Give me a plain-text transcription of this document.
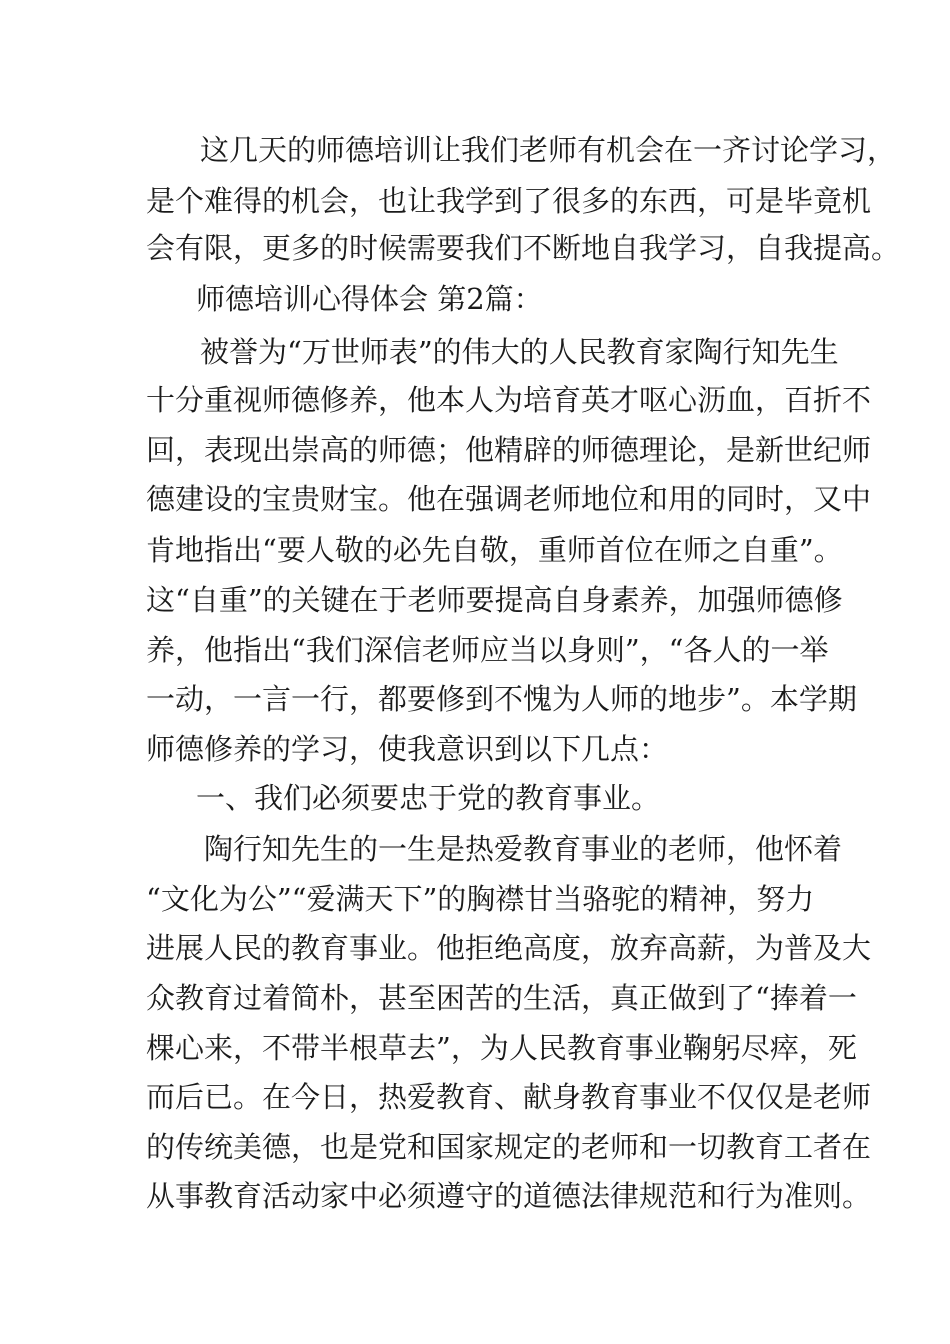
这几天的师德培训让我们老师有机会在一齐讨论学习，
是个难得的机会，也让我学到了很多的东西，可是毕竟机
会有限，更多的时候需要我们不断地自我学习，自我提高。
师德培训心得体会 第2篇：
被誉为“万世师表”的伟大的人民教育家陶行知先生
十分重视师德修养，他本人为培育英才呕心沥血，百折不
回，表现出崇高的师德；他精辟的师德理论，是新世纪师
德建设的宝贵财宝。他在强调老师地位和用的同时，又中
肯地指出“要人敬的必先自敬，重师首位在师之自重”。
这“自重”的关键在于老师要提高自身素养，加强师德修
养，他指出“我们深信老师应当以身则”，“各人的一举
一动，一言一行，都要修到不愧为人师的地步”。本学期
师德修养的学习，使我意识到以下几点：
一、我们必须要忠于党的教育事业。
陶行知先生的一生是热爱教育事业的老师，他怀着
“文化为公”“爱满天下”的胸襟甘当骆驼的精神，努力
进展人民的教育事业。他拒绝高度，放弃高薪，为普及大
众教育过着简朴，甚至困苦的生活，真正做到了“捧着一
棵心来，不带半根草去”，为人民教育事业鞠躬尽瘁，死
而后已。在今日，热爱教育、献身教育事业不仅仅是老师
的传统美德，也是党和国家规定的老师和一切教育工者在
从事教育活动家中必须遵守的道德法律规范和行为准则。
